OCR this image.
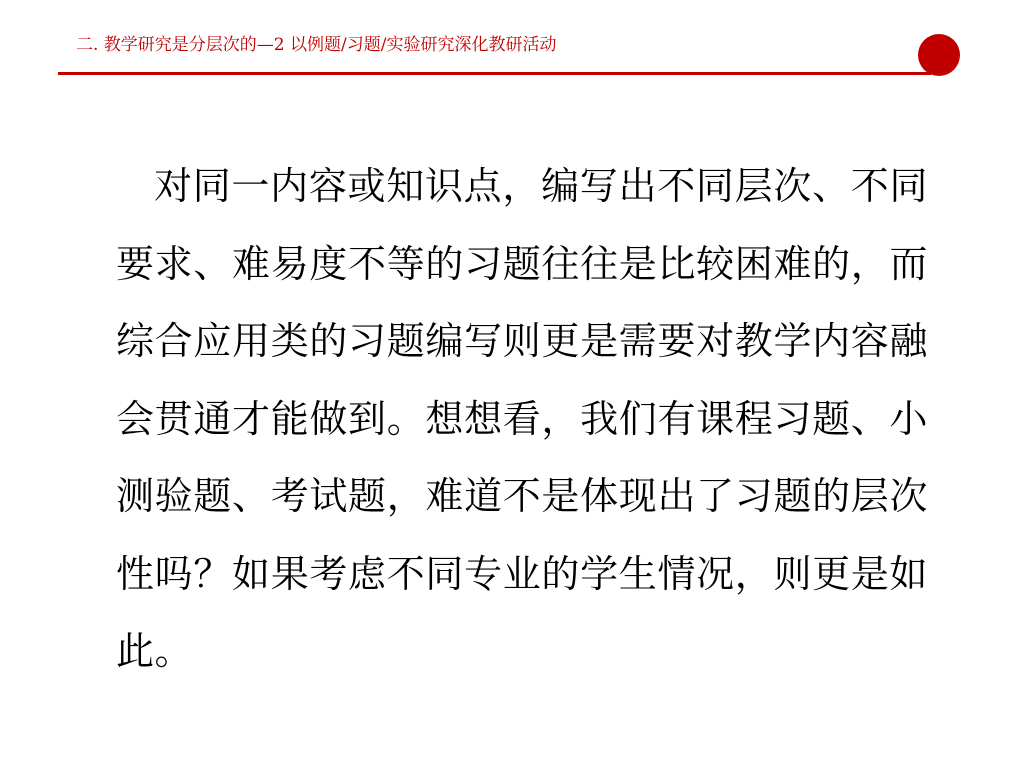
二. 教学研究是分层次的—2 以例题/习题/实验研究深化教研活动
对同一内容或知识点，编写出不同层次、不同要求、难易度不等的习题往往是比较困难的，而综合应用类的习题编写则更是需要对教学内容融会贯通才能做到。想想看，我们有课程习题、小测验题、考试题，难道不是体现出了习题的层次性吗？如果考虑不同专业的学生情况，则更是如此。
